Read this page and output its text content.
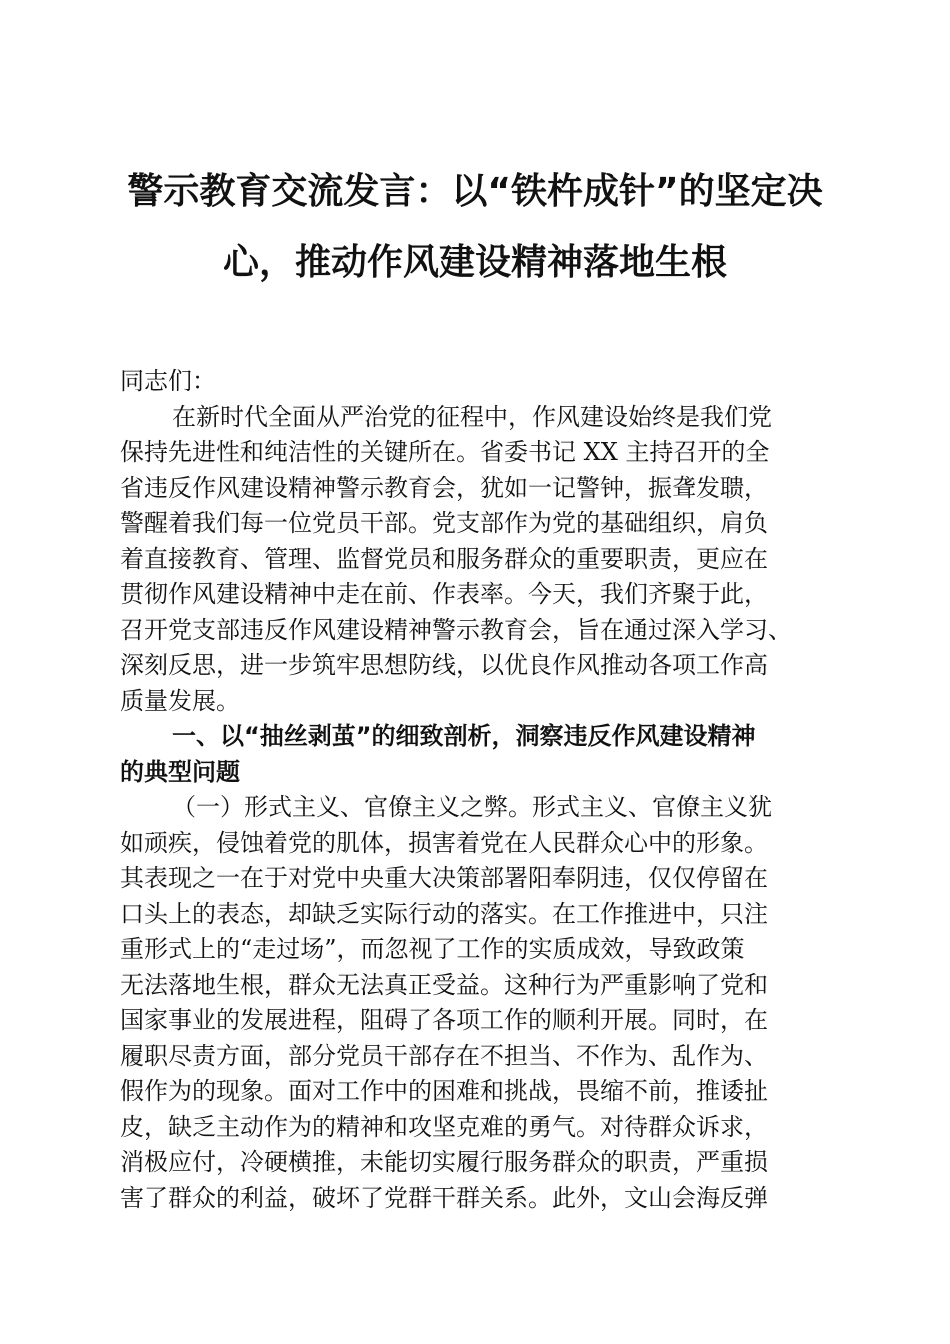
警示教育交流发言：以“铁杵成针”的坚定决
心，推动作风建设精神落地生根
同志们：
在新时代全面从严治党的征程中，作风建设始终是我们党
保持先进性和纯洁性的关键所在。省委书记 XX 主持召开的全
省违反作风建设精神警示教育会，犹如一记警钟，振聋发聩，
警醒着我们每一位党员干部。党支部作为党的基础组织，肩负
着直接教育、管理、监督党员和服务群众的重要职责，更应在
贯彻作风建设精神中走在前、作表率。今天，我们齐聚于此，
召开党支部违反作风建设精神警示教育会，旨在通过深入学习、
深刻反思，进一步筑牢思想防线，以优良作风推动各项工作高
质量发展。
一、以“抽丝剥茧”的细致剖析，洞察违反作风建设精神
的典型问题
（一）形式主义、官僚主义之弊。形式主义、官僚主义犹
如顽疾，侵蚀着党的肌体，损害着党在人民群众心中的形象。
其表现之一在于对党中央重大决策部署阳奉阴违，仅仅停留在
口头上的表态，却缺乏实际行动的落实。在工作推进中，只注
重形式上的“走过场”，而忽视了工作的实质成效，导致政策
无法落地生根，群众无法真正受益。这种行为严重影响了党和
国家事业的发展进程，阻碍了各项工作的顺利开展。同时，在
履职尽责方面，部分党员干部存在不担当、不作为、乱作为、
假作为的现象。面对工作中的困难和挑战，畏缩不前，推诿扯
皮，缺乏主动作为的精神和攻坚克难的勇气。对待群众诉求，
消极应付，冷硬横推，未能切实履行服务群众的职责，严重损
害了群众的利益，破坏了党群干群关系。此外，文山会海反弹
